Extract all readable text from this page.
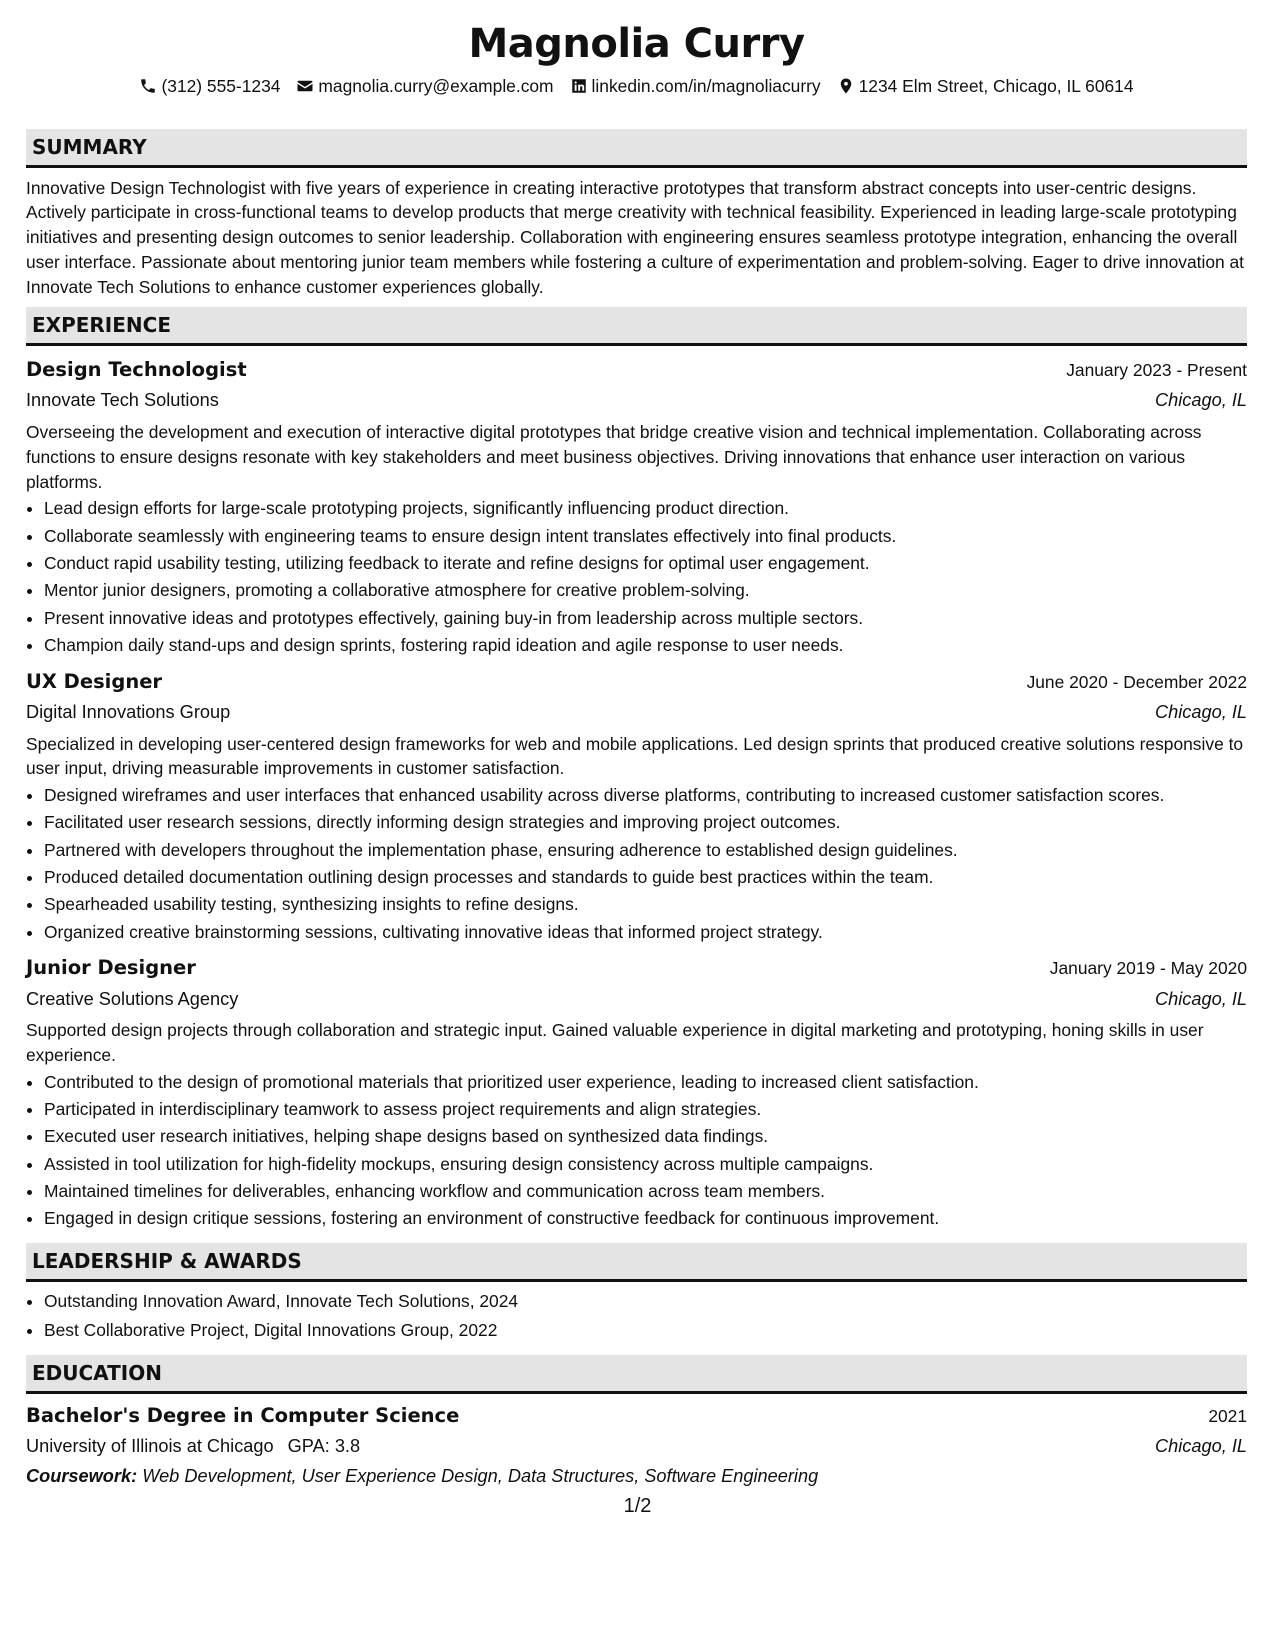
Magnolia Curry
(312) 555-1234 magnolia.curry@example.com linkedin.com/in/magnoliacurry 1234 Elm Street, Chicago, IL 60614
SUMMARY

Innovative Design Technologist with five years of experience in creating interactive prototypes that transform abstract concepts into user-centric designs. Actively participate in cross-functional teams to develop products that merge creativity with technical feasibility. Experienced in leading large-scale prototyping initiatives and presenting design outcomes to senior leadership. Collaboration with engineering ensures seamless prototype integration, enhancing the overall user interface. Passionate about mentoring junior team members while fostering a culture of experimentation and problem-solving. Eager to drive innovation at Innovate Tech Solutions to enhance customer experiences globally.

EXPERIENCE
Design Technologist	January 2023 - Present
Innovate Tech Solutions	Chicago, IL

Overseeing the development and execution of interactive digital prototypes that bridge creative vision and technical implementation. Collaborating across functions to ensure designs resonate with key stakeholders and meet business objectives. Driving innovations that enhance user interaction on various platforms.

• Lead design efforts for large-scale prototyping projects, significantly influencing product direction.
• Collaborate seamlessly with engineering teams to ensure design intent translates effectively into final products.
• Conduct rapid usability testing, utilizing feedback to iterate and refine designs for optimal user engagement.
• Mentor junior designers, promoting a collaborative atmosphere for creative problem-solving.
• Present innovative ideas and prototypes effectively, gaining buy-in from leadership across multiple sectors.
• Champion daily stand-ups and design sprints, fostering rapid ideation and agile response to user needs.
UX Designer	June 2020 - December 2022
Digital Innovations Group	Chicago, IL

Specialized in developing user-centered design frameworks for web and mobile applications. Led design sprints that produced creative solutions responsive to user input, driving measurable improvements in customer satisfaction.

• Designed wireframes and user interfaces that enhanced usability across diverse platforms, contributing to increased customer satisfaction scores.
• Facilitated user research sessions, directly informing design strategies and improving project outcomes.
• Partnered with developers throughout the implementation phase, ensuring adherence to established design guidelines.
• Produced detailed documentation outlining design processes and standards to guide best practices within the team.
• Spearheaded usability testing, synthesizing insights to refine designs.
• Organized creative brainstorming sessions, cultivating innovative ideas that informed project strategy.
Junior Designer	January 2019 - May 2020
Creative Solutions Agency	Chicago, IL

Supported design projects through collaboration and strategic input. Gained valuable experience in digital marketing and prototyping, honing skills in user experience.

• Contributed to the design of promotional materials that prioritized user experience, leading to increased client satisfaction.
• Participated in interdisciplinary teamwork to assess project requirements and align strategies.
• Executed user research initiatives, helping shape designs based on synthesized data findings.
• Assisted in tool utilization for high-fidelity mockups, ensuring design consistency across multiple campaigns.
• Maintained timelines for deliverables, enhancing workflow and communication across team members.
• Engaged in design critique sessions, fostering an environment of constructive feedback for continuous improvement.
LEADERSHIP & AWARDS
• Outstanding Innovation Award, Innovate Tech Solutions, 2024
• Best Collaborative Project, Digital Innovations Group, 2022
EDUCATION
Bachelor's Degree in Computer Science	2021
University of Illinois at Chicago GPA: 3.8	Chicago, IL
Coursework: Web Development, User Experience Design, Data Structures, Software Engineering
1/2
